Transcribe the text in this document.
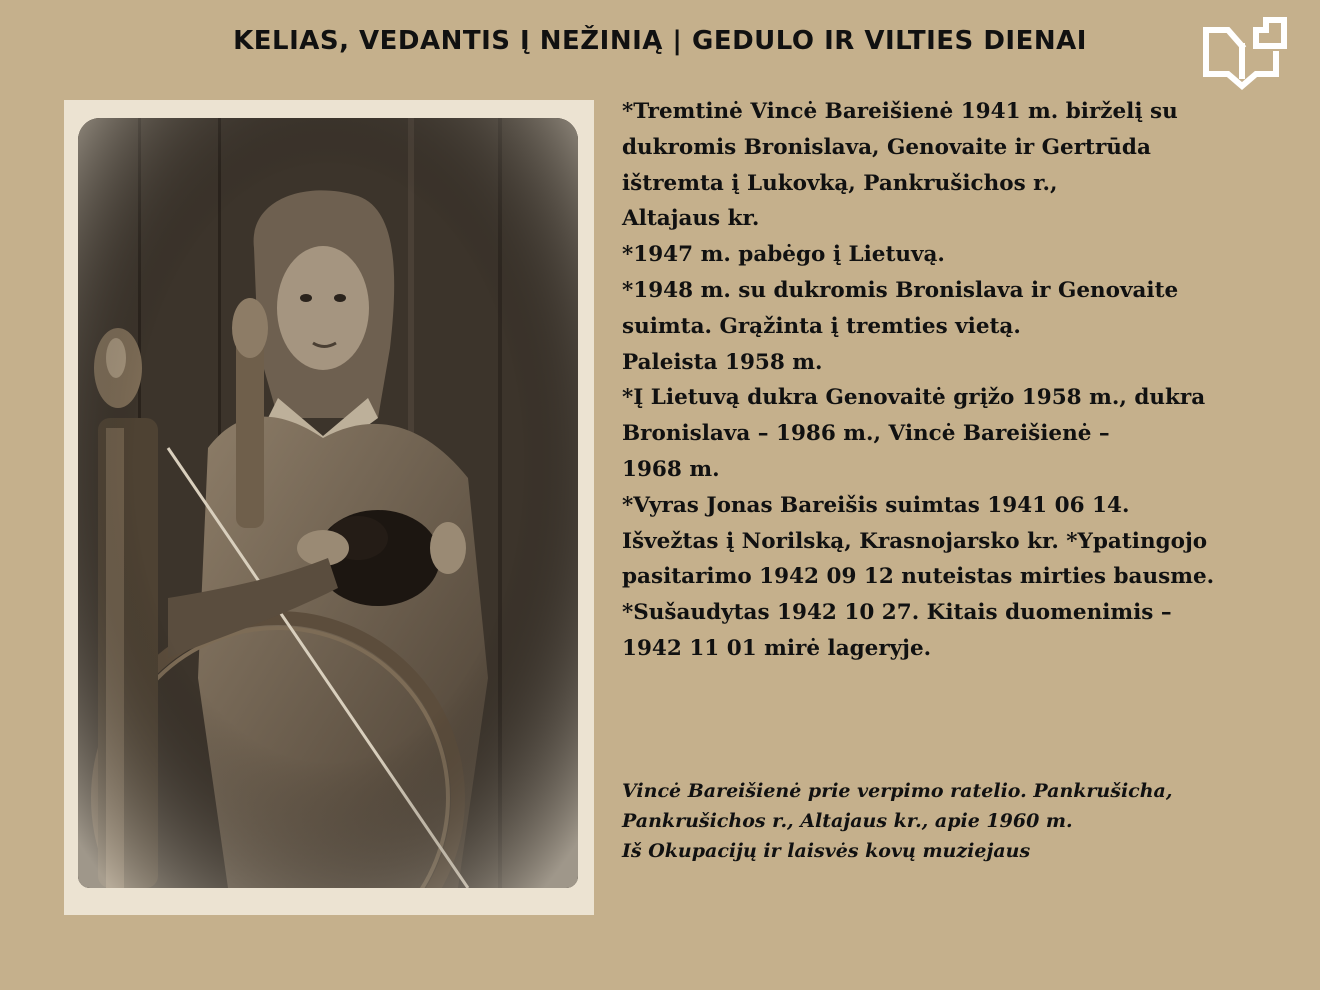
KELIAS, VEDANTIS Į NEŽINIĄ | GEDULO IR VILTIES DIENAI
*Tremtinė Vincė Bareišienė 1941 m. birželį su
dukromis Bronislava, Genovaite ir Gertrūda
ištremta į Lukovką, Pankrušichos r.,
Altajaus kr.
*1947 m. pabėgo į Lietuvą.
*1948 m. su dukromis Bronislava ir Genovaite
suimta. Grąžinta į tremties vietą.
Paleista 1958 m.
*Į Lietuvą dukra Genovaitė grįžo 1958 m., dukra
Bronislava – 1986 m., Vincė Bareišienė –
1968 m.
*Vyras Jonas Bareišis suimtas 1941 06 14.
Išvežtas į Norilską, Krasnojarsko kr. *Ypatingojo
pasitarimo 1942 09 12 nuteistas mirties bausme.
*Sušaudytas 1942 10 27. Kitais duomenimis –
1942 11 01 mirė lageryje.
Vincė Bareišienė prie verpimo ratelio. Pankrušicha,
Pankrušichos r., Altajaus kr., apie 1960 m.
Iš Okupacijų ir laisvės kovų muziejaus
